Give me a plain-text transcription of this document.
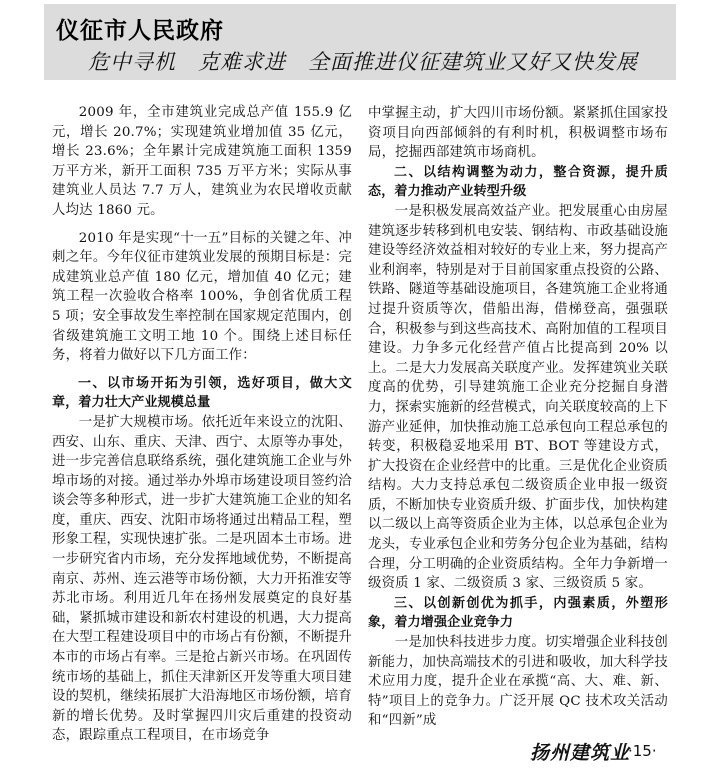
仪征市人民政府
危中寻机　克难求进　全面推进仪征建筑业又好又快发展

2009 年，全市建筑业完成总产值 155.9 亿元，增长 20.7%；实现建筑业增加值 35 亿元，增长 23.6%；全年累计完成建筑施工面积 1359 万平方米，新开工面积 735 万平方米；实际从事建筑业人员达 7.7 万人，建筑业为农民增收贡献人均达 1860 元。

2010 年是实现“十一五”目标的关键之年、冲刺之年。今年仪征市建筑业发展的预期目标是：完成建筑业总产值 180 亿元，增加值 40 亿元；建筑工程一次验收合格率 100%，争创省优质工程 5 项；安全事故发生率控制在国家规定范围内，创省级建筑施工文明工地 10 个。围绕上述目标任务，将着力做好以下几方面工作：

一、以市场开拓为引领，选好项目，做大文章，着力壮大产业规模总量

一是扩大规模市场。依托近年来设立的沈阳、西安、山东、重庆、天津、西宁、太原等办事处，进一步完善信息联络系统，强化建筑施工企业与外埠市场的对接。通过举办外埠市场建设项目签约洽谈会等多种形式，进一步扩大建筑施工企业的知名度，重庆、西安、沈阳市场将通过出精品工程，塑形象工程，实现快速扩张。二是巩固本土市场。进一步研究省内市场，充分发挥地域优势，不断提高南京、苏州、连云港等市场份额，大力开拓淮安等苏北市场。利用近几年在扬州发展奠定的良好基础，紧抓城市建设和新农村建设的机遇，大力提高在大型工程建设项目中的市场占有份额，不断提升本市的市场占有率。三是抢占新兴市场。在巩固传统市场的基础上，抓住天津新区开发等重大项目建设的契机，继续拓展扩大沿海地区市场份额，培育新的增长优势。及时掌握四川灾后重建的投资动态，跟踪重点工程项目，在市场竞争

中掌握主动，扩大四川市场份额。紧紧抓住国家投资项目向西部倾斜的有利时机，积极调整市场布局，挖掘西部建筑市场商机。

二、以结构调整为动力，整合资源，提升质态，着力推动产业转型升级

一是积极发展高效益产业。把发展重心由房屋建筑逐步转移到机电安装、钢结构、市政基础设施建设等经济效益相对较好的专业上来，努力提高产业利润率，特别是对于目前国家重点投资的公路、铁路、隧道等基础设施项目，各建筑施工企业将通过提升资质等次，借船出海，借梯登高，强强联合，积极参与到这些高技术、高附加值的工程项目建设。力争多元化经营产值占比提高到 20% 以上。二是大力发展高关联度产业。发挥建筑业关联度高的优势，引导建筑施工企业充分挖掘自身潜力，探索实施新的经营模式，向关联度较高的上下游产业延伸，加快推动施工总承包向工程总承包的转变，积极稳妥地采用 BT、BOT 等建设方式，扩大投资在企业经营中的比重。三是优化企业资质结构。大力支持总承包二级资质企业申报一级资质，不断加快专业资质升级、扩面步伐，加快构建以二级以上高等资质企业为主体，以总承包企业为龙头，专业承包企业和劳务分包企业为基础，结构合理，分工明确的企业资质结构。全年力争新增一级资质 1 家、二级资质 3 家、三级资质 5 家。

三、以创新创优为抓手，内强素质，外塑形象，着力增强企业竞争力

一是加快科技进步力度。切实增强企业科技创新能力，加快高端技术的引进和吸收，加大科学技术应用力度，提升企业在承揽“高、大、难、新、特”项目上的竞争力。广泛开展 QC 技术攻关活动和“四新”成

扬州建筑业
·15·
